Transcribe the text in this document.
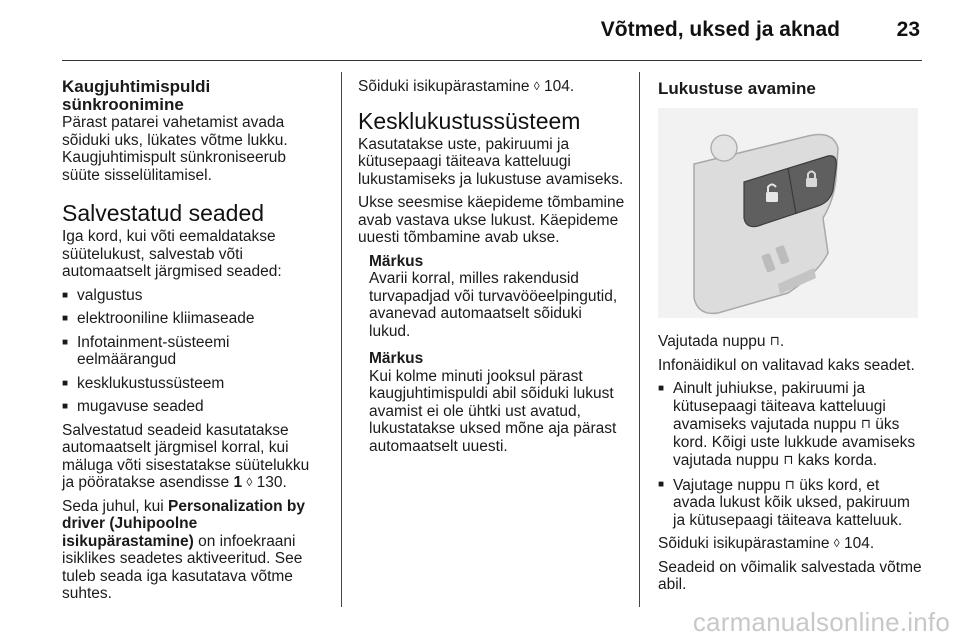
Võtmed, uksed ja aknad	23
Kaugjuhtimispuldi sünkroonimine

Pärast patarei vahetamist avada sõiduki uks, lükates võtme lukku. Kaugjuhtimispult sünkroniseerub süüte sisselülitamisel.

Salvestatud seaded

Iga kord, kui võti eemaldatakse süütelukust, salvestab võti automaatselt järgmised seaded:

■ valgustus
■ elektrooniline kliimaseade
■ Infotainment-süsteemi eelmäärangud
■ kesklukustussüsteem
■ mugavuse seaded

Salvestatud seadeid kasutatakse automaatselt järgmisel korral, kui mäluga võti sisestatakse süütelukku ja pööratakse asendisse 1 ◊ 130.

Seda juhul, kui Personalization by driver (Juhipoolne isikupärastamine) on infoekraani isiklikes seadetes aktiveeritud. See tuleb seada iga kasutatava võtme suhtes.

Sõiduki isikupärastamine ◊ 104.

Kesklukustussüsteem

Kasutatakse uste, pakiruumi ja kütusepaagi täiteava katteluugi lukustamiseks ja lukustuse avamiseks.

Ukse seesmise käepideme tõmbamine avab vastava ukse lukust. Käepideme uuesti tõmbamine avab ukse.

Märkus

Avarii korral, milles rakendusid turvapadjad või turvavööeelpingutid, avanevad automaatselt sõiduki lukud.

Märkus

Kui kolme minuti jooksul pärast kaugjuhtimispuldi abil sõiduki lukust avamist ei ole ühtki ust avatud, lukustatakse uksed mõne aja pärast automaatselt uuesti.

Lukustuse avamine

Vajutada nuppu ⊓.

Infonäidikul on valitavad kaks seadet.

■ Ainult juhiukse, pakiruumi ja kütusepaagi täiteava katteluugi avamiseks vajutada nuppu ⊓ üks kord. Kõigi uste lukkude avamiseks vajutada nuppu ⊓ kaks korda.
■ Vajutage nuppu ⊓ üks kord, et avada lukust kõik uksed, pakiruum ja kütusepaagi täiteava katteluuk.

Sõiduki isikupärastamine ◊ 104.

Seadeid on võimalik salvestada võtme abil.

carmanualsonline.info
